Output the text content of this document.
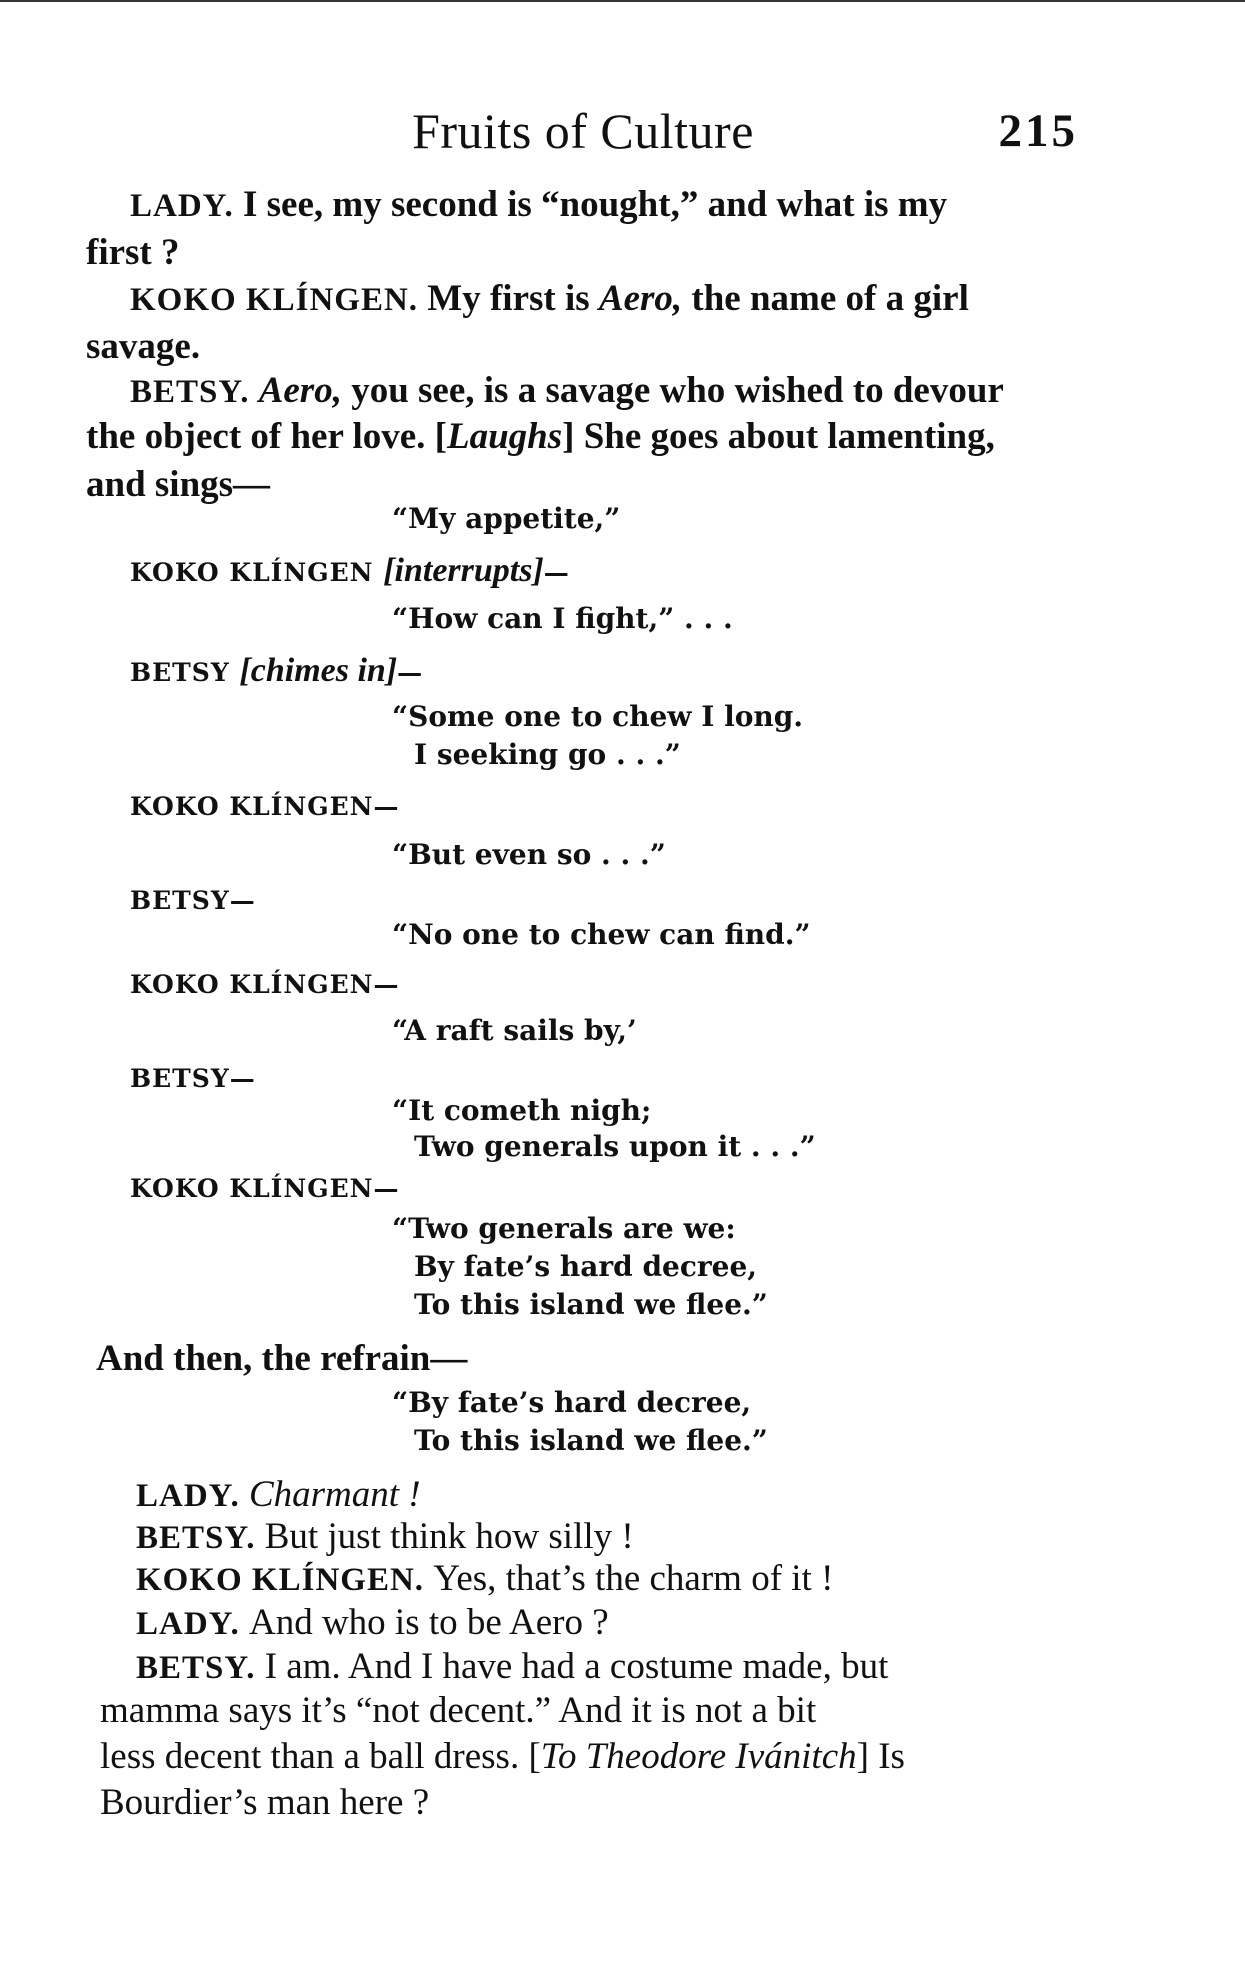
Fruits of Culture	215
LADY. I see, my second is “nought,” and what is my
first ?
KOKO KLÍNGEN. My first is Aero, the name of a girl
savage.
BETSY. Aero, you see, is a savage who wished to devour
the object of her love. [Laughs] She goes about lamenting,
and sings—
“My appetite,”
KOKO KLÍNGEN [interrupts]—
“How can I fight,” . . .
BETSY [chimes in]—
“Some one to chew I long.
I seeking go . . .”
KOKO KLÍNGEN—
“But even so . . .”
BETSY—
“No one to chew can find.”
KOKO KLÍNGEN—
“A raft sails by,’
BETSY—
“It cometh nigh;
Two generals upon it . . .”
KOKO KLÍNGEN—
“Two generals are we:
By fate’s hard decree,
To this island we flee.”
And then, the refrain—
“By fate’s hard decree,
To this island we flee.”
LADY. Charmant !
BETSY. But just think how silly !
KOKO KLÍNGEN. Yes, that’s the charm of it !
LADY. And who is to be Aero ?
BETSY. I am. And I have had a costume made, but
mamma says it’s “not decent.” And it is not a bit
less decent than a ball dress. [To Theodore Ivánitch] Is
Bourdier’s man here ?
